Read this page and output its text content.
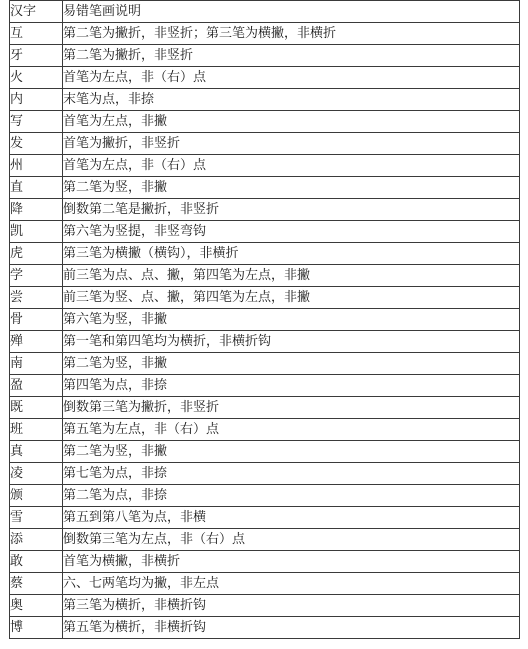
汉字	易错笔画说明
互	第二笔为撇折，非竖折；第三笔为横撇，非横折
牙	第二笔为撇折，非竖折
火	首笔为左点，非（右）点
内	末笔为点，非捺
写	首笔为左点，非撇
发	首笔为撇折，非竖折
州	首笔为左点，非（右）点
直	第二笔为竖，非撇
降	倒数第二笔是撇折，非竖折
凯	第六笔为竖提，非竖弯钩
虎	第三笔为横撇（横钩），非横折
学	前三笔为点、点、撇，第四笔为左点，非撇
尝	前三笔为竖、点、撇，第四笔为左点，非撇
骨	第六笔为竖，非撇
殚	第一笔和第四笔均为横折，非横折钩
南	第二笔为竖，非撇
盈	第四笔为点，非捺
既	倒数第三笔为撇折，非竖折
班	第五笔为左点，非（右）点
真	第二笔为竖，非撇
凌	第七笔为点，非捺
颁	第二笔为点，非捺
雪	第五到第八笔为点，非横
添	倒数第三笔为左点，非（右）点
敢	首笔为横撇，非横折
蔡	六、七两笔均为撇，非左点
奥	第三笔为横折，非横折钩
博	第五笔为横折，非横折钩
